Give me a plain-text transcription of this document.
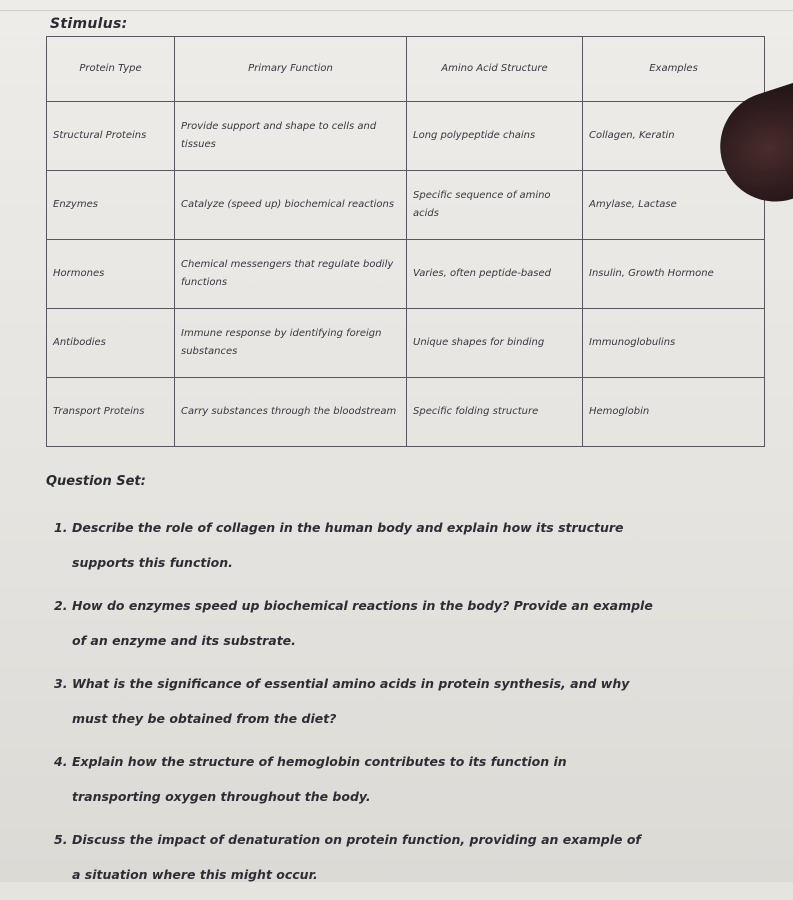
Stimulus:
Protein Type	Primary Function	Amino Acid Structure	Examples
Structural Proteins	Provide support and shape to cells and tissues	Long polypeptide chains	Collagen, Keratin
Enzymes	Catalyze (speed up) biochemical reactions	Specific sequence of amino acids	Amylase, Lactase
Hormones	Chemical messengers that regulate bodily functions	Varies, often peptide-based	Insulin, Growth Hormone
Antibodies	Immune response by identifying foreign substances	Unique shapes for binding	Immunoglobulins
Transport Proteins	Carry substances through the bloodstream	Specific folding structure	Hemoglobin
Question Set:
1. Describe the role of collagen in the human body and explain how its structure
supports this function.
2. How do enzymes speed up biochemical reactions in the body? Provide an example
of an enzyme and its substrate.
3. What is the significance of essential amino acids in protein synthesis, and why
must they be obtained from the diet?
4. Explain how the structure of hemoglobin contributes to its function in
transporting oxygen throughout the body.
5. Discuss the impact of denaturation on protein function, providing an example of
a situation where this might occur.
